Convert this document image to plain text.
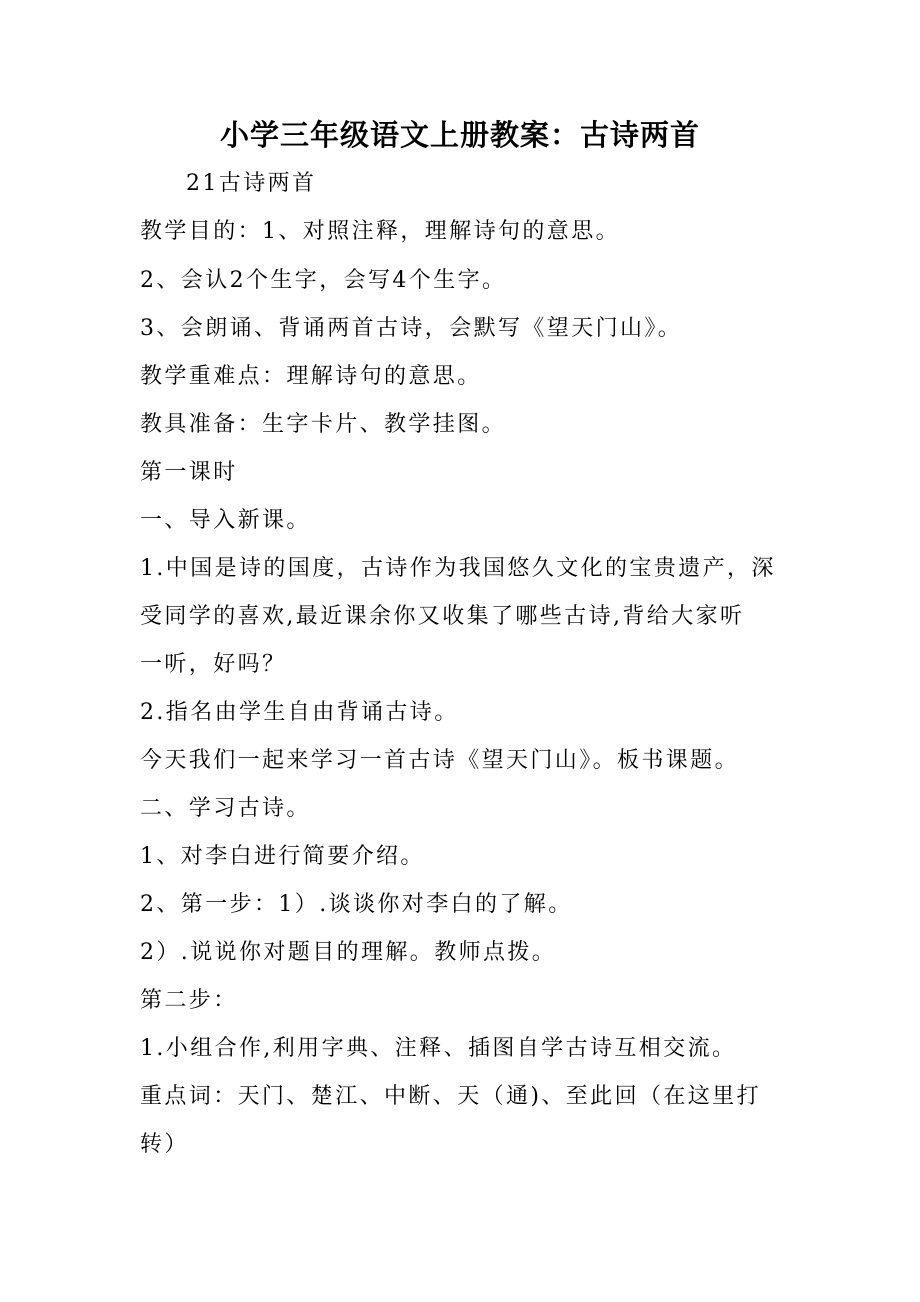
小学三年级语文上册教案：古诗两首

21古诗两首

教学目的：1、对照注释，理解诗句的意思。

2、会认2个生字，会写4个生字。

3、会朗诵、背诵两首古诗，会默写《望天门山》。

教学重难点：理解诗句的意思。

教具准备：生字卡片、教学挂图。

第一课时

一、导入新课。

1.中国是诗的国度，古诗作为我国悠久文化的宝贵遗产，深

受同学的喜欢,最近课余你又收集了哪些古诗,背给大家听

一听，好吗？

2.指名由学生自由背诵古诗。

今天我们一起来学习一首古诗《望天门山》。板书课题。

二、学习古诗。

1、对李白进行简要介绍。

2、第一步：1）.谈谈你对李白的了解。

2）.说说你对题目的理解。教师点拨。

第二步：

1.小组合作,利用字典、注释、插图自学古诗互相交流。

重点词：天门、楚江、中断、天（通)、至此回（在这里打

转）
